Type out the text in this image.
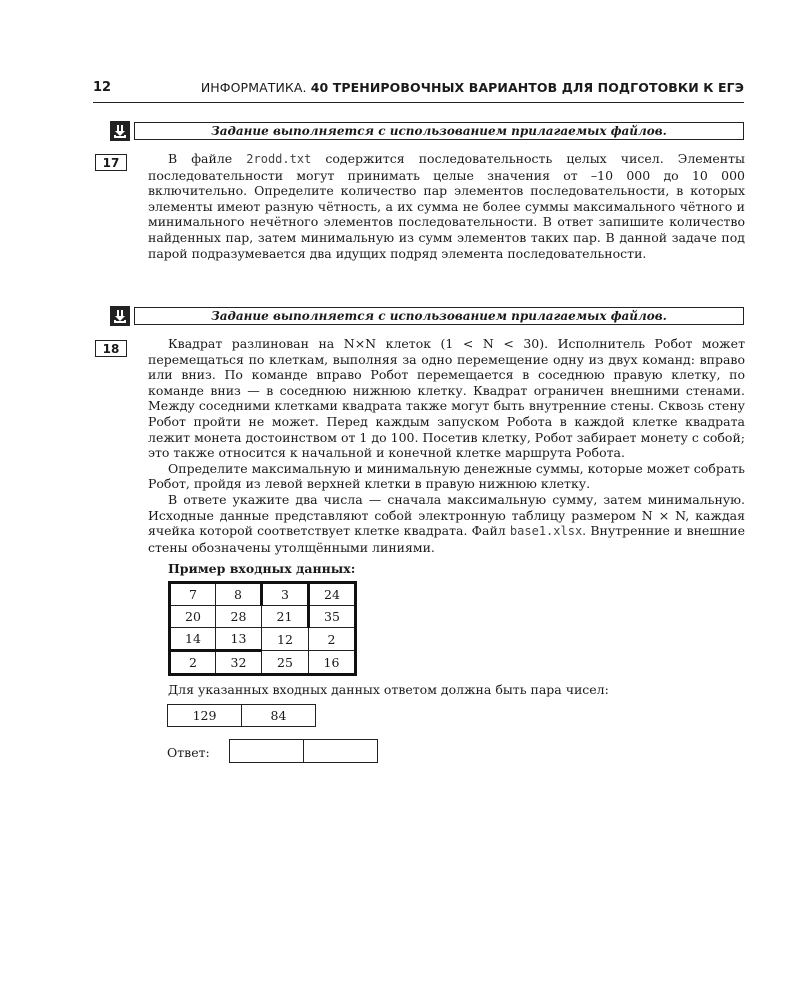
12	ИНФОРМАТИКА. 40 ТРЕНИРОВОЧНЫХ ВАРИАНТОВ ДЛЯ ПОДГОТОВКИ К ЕГЭ
Задание выполняется с использованием прилагаемых файлов.
17	В файле 2rodd.txt содержится последовательность целых чисел. Элементы последовательности могут принимать целые значения от –10 000 до 10 000 включительно. Определите количество пар элементов последовательности, в которых элементы имеют разную чётность, а их сумма не более суммы максимального чётного и минимального нечётного элементов последовательности. В ответ запишите количество найденных пар, затем минимальную из сумм элементов таких пар. В данной задаче под парой подразумевается два идущих подряд элемента последовательности.

Задание выполняется с использованием прилагаемых файлов.
18	Квадрат разлинован на N×N клеток (1 < N < 30). Исполнитель Робот может перемещаться по клеткам, выполняя за одно перемещение одну из двух команд: вправо или вниз. По команде вправо Робот перемещается в соседнюю правую клетку, по команде вниз — в соседнюю нижнюю клетку. Квадрат ограничен внешними стенами. Между соседними клетками квадрата также могут быть внутренние стены. Сквозь стену Робот пройти не может. Перед каждым запуском Робота в каждой клетке квадрата лежит монета достоинством от 1 до 100. Посетив клетку, Робот забирает монету с собой; это также относится к начальной и конечной клетке маршрута Робота.

Определите максимальную и минимальную денежные суммы, которые может собрать Робот, пройдя из левой верхней клетки в правую нижнюю клетку.

В ответе укажите два числа — сначала максимальную сумму, затем минимальную. Исходные данные представляют собой электронную таблицу размером N × N, каждая ячейка которой соответствует клетке квадрата. Файл base1.xlsx. Внутренние и внешние стены обозначены утолщёнными линиями.

Пример входных данных:
7	8	3	24
20	28	21	35
14	13	12	2
2	32	25	16
Для указанных входных данных ответом должна быть пара чисел:
129	84
Ответ:
